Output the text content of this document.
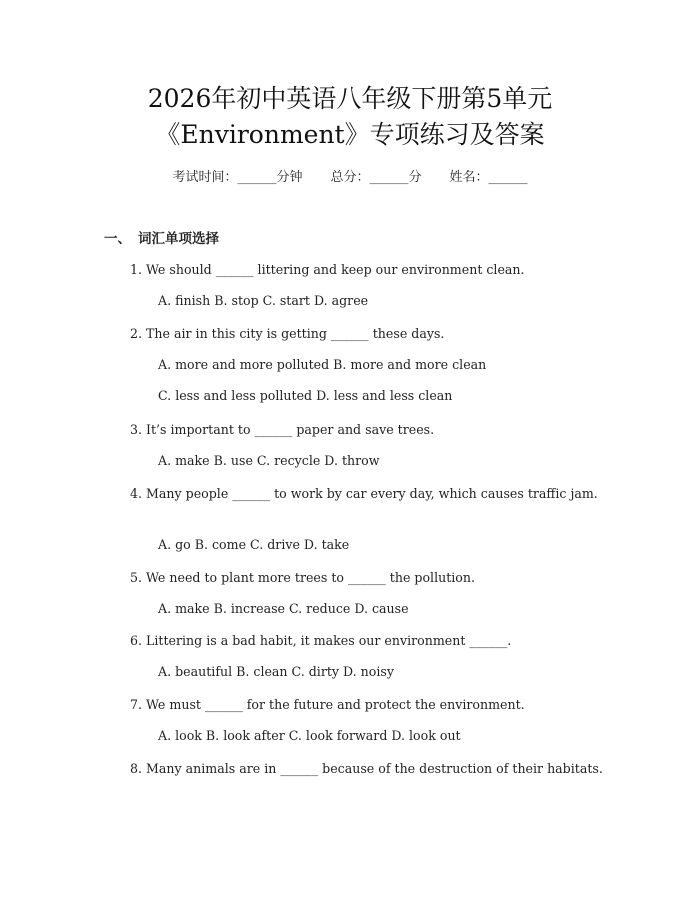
2026年初中英语八年级下册第5单元
《Environment》专项练习及答案
考试时间：______分钟 总分：______分 姓名：______
一、 词汇单项选择
1. We should ______ littering and keep our environment clean.
A. finish B. stop C. start D. agree
2. The air in this city is getting ______ these days.
A. more and more polluted B. more and more clean
C. less and less polluted D. less and less clean
3. It’s important to ______ paper and save trees.
A. make B. use C. recycle D. throw
4. Many people ______ to work by car every day, which causes traffic jam.
A. go B. come C. drive D. take
5. We need to plant more trees to ______ the pollution.
A. make B. increase C. reduce D. cause
6. Littering is a bad habit, it makes our environment ______.
A. beautiful B. clean C. dirty D. noisy
7. We must ______ for the future and protect the environment.
A. look B. look after C. look forward D. look out
8. Many animals are in ______ because of the destruction of their habitats.
